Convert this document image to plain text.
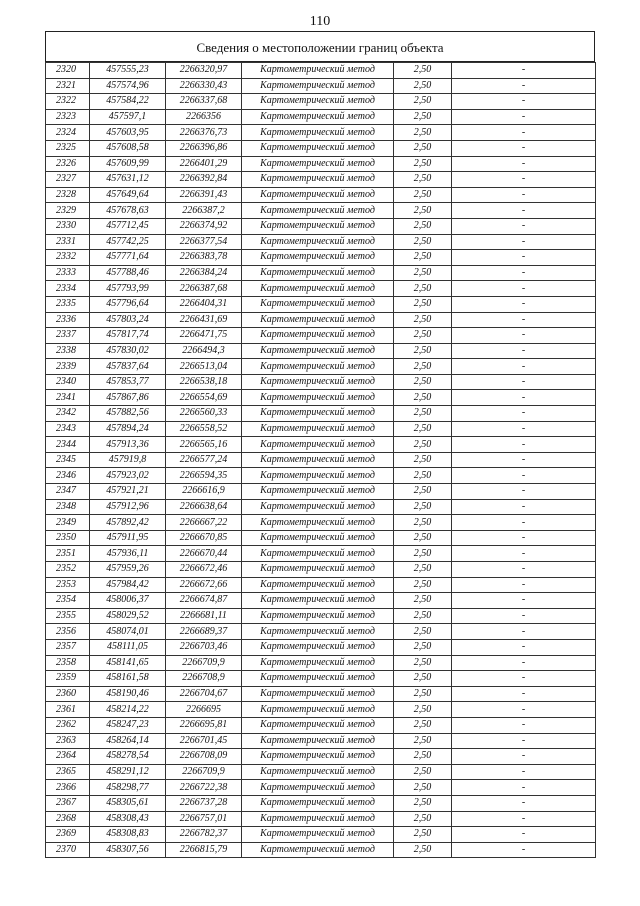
110
Сведения о местоположении границ объекта
2320	457555,23	2266320,97	Картометрический метод	2,50	-
2321	457574,96	2266330,43	Картометрический метод	2,50	-
2322	457584,22	2266337,68	Картометрический метод	2,50	-
2323	457597,1	2266356	Картометрический метод	2,50	-
2324	457603,95	2266376,73	Картометрический метод	2,50	-
2325	457608,58	2266396,86	Картометрический метод	2,50	-
2326	457609,99	2266401,29	Картометрический метод	2,50	-
2327	457631,12	2266392,84	Картометрический метод	2,50	-
2328	457649,64	2266391,43	Картометрический метод	2,50	-
2329	457678,63	2266387,2	Картометрический метод	2,50	-
2330	457712,45	2266374,92	Картометрический метод	2,50	-
2331	457742,25	2266377,54	Картометрический метод	2,50	-
2332	457771,64	2266383,78	Картометрический метод	2,50	-
2333	457788,46	2266384,24	Картометрический метод	2,50	-
2334	457793,99	2266387,68	Картометрический метод	2,50	-
2335	457796,64	2266404,31	Картометрический метод	2,50	-
2336	457803,24	2266431,69	Картометрический метод	2,50	-
2337	457817,74	2266471,75	Картометрический метод	2,50	-
2338	457830,02	2266494,3	Картометрический метод	2,50	-
2339	457837,64	2266513,04	Картометрический метод	2,50	-
2340	457853,77	2266538,18	Картометрический метод	2,50	-
2341	457867,86	2266554,69	Картометрический метод	2,50	-
2342	457882,56	2266560,33	Картометрический метод	2,50	-
2343	457894,24	2266558,52	Картометрический метод	2,50	-
2344	457913,36	2266565,16	Картометрический метод	2,50	-
2345	457919,8	2266577,24	Картометрический метод	2,50	-
2346	457923,02	2266594,35	Картометрический метод	2,50	-
2347	457921,21	2266616,9	Картометрический метод	2,50	-
2348	457912,96	2266638,64	Картометрический метод	2,50	-
2349	457892,42	2266667,22	Картометрический метод	2,50	-
2350	457911,95	2266670,85	Картометрический метод	2,50	-
2351	457936,11	2266670,44	Картометрический метод	2,50	-
2352	457959,26	2266672,46	Картометрический метод	2,50	-
2353	457984,42	2266672,66	Картометрический метод	2,50	-
2354	458006,37	2266674,87	Картометрический метод	2,50	-
2355	458029,52	2266681,11	Картометрический метод	2,50	-
2356	458074,01	2266689,37	Картометрический метод	2,50	-
2357	458111,05	2266703,46	Картометрический метод	2,50	-
2358	458141,65	2266709,9	Картометрический метод	2,50	-
2359	458161,58	2266708,9	Картометрический метод	2,50	-
2360	458190,46	2266704,67	Картометрический метод	2,50	-
2361	458214,22	2266695	Картометрический метод	2,50	-
2362	458247,23	2266695,81	Картометрический метод	2,50	-
2363	458264,14	2266701,45	Картометрический метод	2,50	-
2364	458278,54	2266708,09	Картометрический метод	2,50	-
2365	458291,12	2266709,9	Картометрический метод	2,50	-
2366	458298,77	2266722,38	Картометрический метод	2,50	-
2367	458305,61	2266737,28	Картометрический метод	2,50	-
2368	458308,43	2266757,01	Картометрический метод	2,50	-
2369	458308,83	2266782,37	Картометрический метод	2,50	-
2370	458307,56	2266815,79	Картометрический метод	2,50	-
